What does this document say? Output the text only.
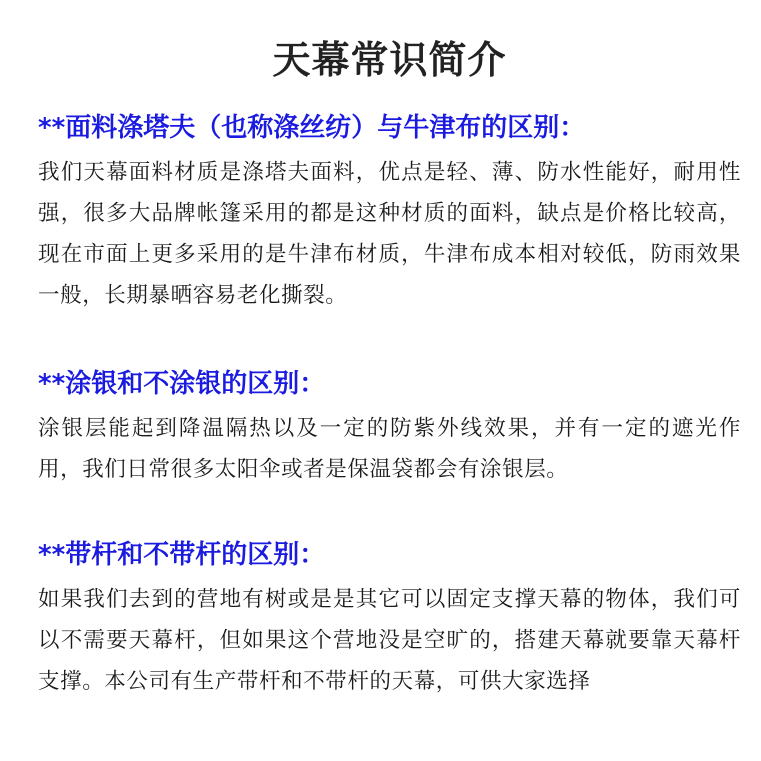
天幕常识简介
**面料涤塔夫（也称涤丝纺）与牛津布的区别：

我们天幕面料材质是涤塔夫面料，优点是轻、薄、防水性能好，耐用性强，很多大品牌帐篷采用的都是这种材质的面料，缺点是价格比较高，现在市面上更多采用的是牛津布材质，牛津布成本相对较低，防雨效果一般，长期暴晒容易老化撕裂。

**涂银和不涂银的区别：

涂银层能起到降温隔热以及一定的防紫外线效果，并有一定的遮光作用，我们日常很多太阳伞或者是保温袋都会有涂银层。

**带杆和不带杆的区别：

如果我们去到的营地有树或是是其它可以固定支撑天幕的物体，我们可以不需要天幕杆，但如果这个营地没是空旷的，搭建天幕就要靠天幕杆支撑。本公司有生产带杆和不带杆的天幕，可供大家选择
